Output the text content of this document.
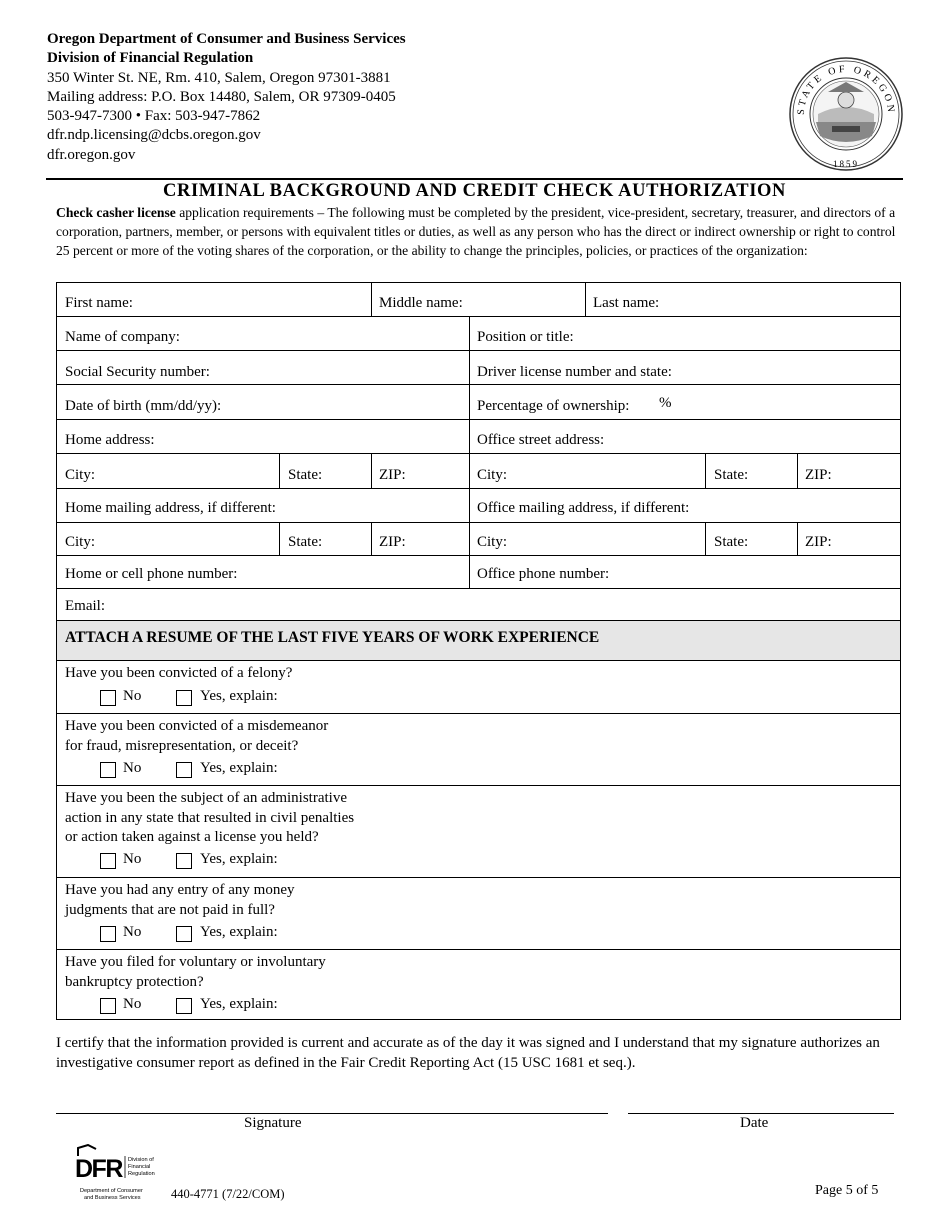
Oregon Department of Consumer and Business Services
Division of Financial Regulation
350 Winter St. NE, Rm. 410, Salem, Oregon 97301-3881
Mailing address: P.O. Box 14480, Salem, OR 97309-0405
503-947-7300 • Fax: 503-947-7862
dfr.ndp.licensing@dcbs.oregon.gov
dfr.oregon.gov
STATE OF OREGON
1859
CRIMINAL BACKGROUND AND CREDIT CHECK AUTHORIZATION
Check casher license application requirements – The following must be completed by the president, vice-president, secretary, treasurer, and directors of a corporation, partners, member, or persons with equivalent titles or duties, as well as any person who has the direct or indirect ownership or right to control 25 percent or more of the voting shares of the corporation, or the ability to change the principles, policies, or practices of the organization:
ATTACH A RESUME OF THE LAST FIVE YEARS OF WORK EXPERIENCE
First name:	Middle name:	Last name:
Name of company:	Position or title:
Social Security number:	Driver license number and state:
Date of birth (mm/dd/yy):	Percentage of ownership: %
Home address:	Office street address:
City:	State:	ZIP:	City:	State:	ZIP:
Home mailing address, if different:	Office mailing address, if different:
City:	State:	ZIP:	City:	State:	ZIP:
Home or cell phone number:	Office phone number:
Email:
Have you been convicted of a felony?
No	Yes, explain:
Have you been convicted of a misdemeanor
for fraud, misrepresentation, or deceit?
No	Yes, explain:
Have you been the subject of an administrative
action in any state that resulted in civil penalties
or action taken against a license you held?
No	Yes, explain:
Have you had any entry of any money
judgments that are not paid in full?
No	Yes, explain:
Have you filed for voluntary or involuntary
bankruptcy protection?
No	Yes, explain:
I certify that the information provided is current and accurate as of the day it was signed and I understand that my signature authorizes an investigative consumer report as defined in the Fair Credit Reporting Act (15 USC 1681 et seq.).
Signature	Date
DFR Division of
Financial
Regulation
Department of Consumer
and Business Services 440-4771 (7/22/COM)	Page 5 of 5
